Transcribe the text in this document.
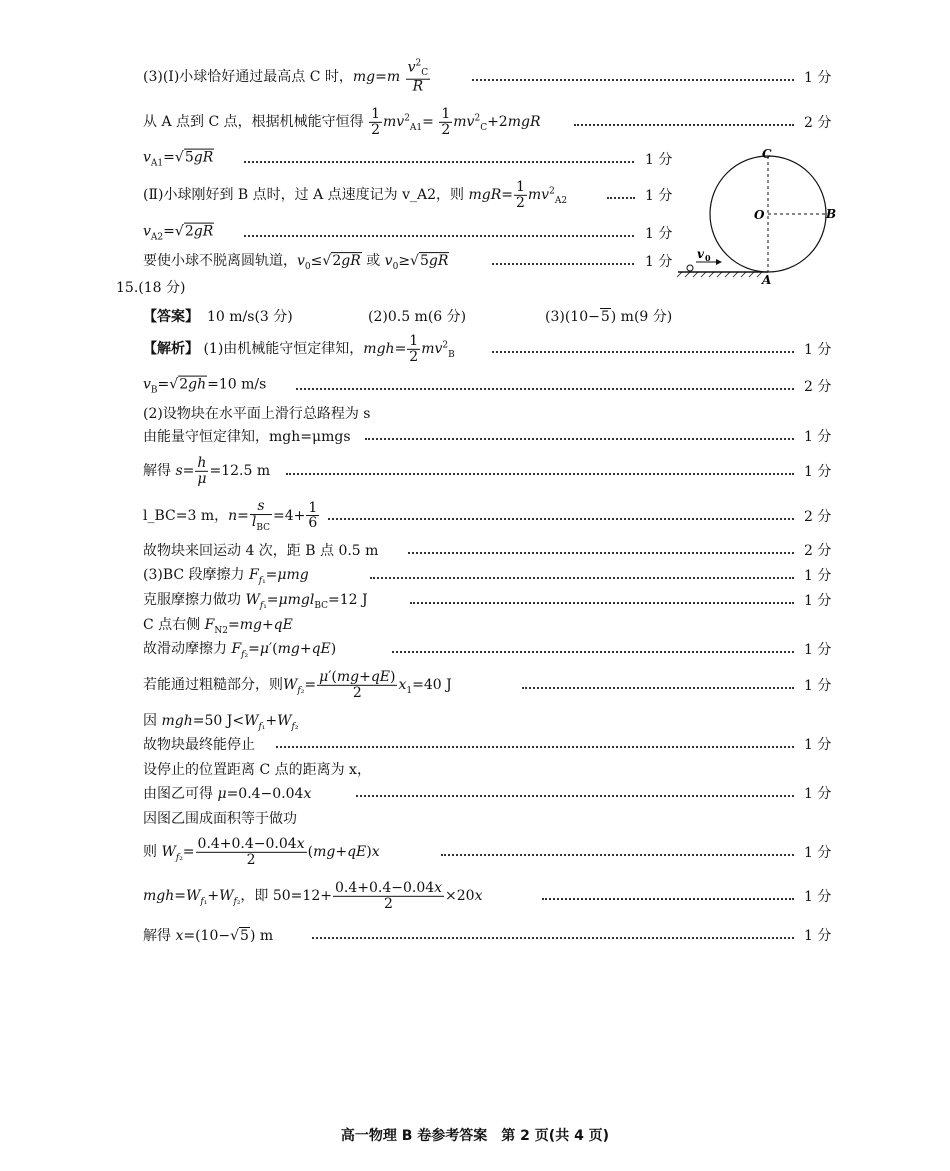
(3)(Ⅰ)小球恰好通过最高点 C 时，$mg=m \frac{v^2_C}{R}$	1 分
从 A 点到 C 点，根据机械能守恒得 $\frac{1}{2} mv^2_{A1}= \frac{1}{2} mv^2_C+2mgR$	2 分
$v_{A1}=√5gR$	1 分
(Ⅱ)小球刚好到 B 点时，过 A 点速度记为 v_A2，则 $mgR= \frac{1}{2} mv^2_{A2}$	1 分
$v_{A2}=√2gR$	1 分
要使小球不脱离圆轨道，$v_0\le√2gR$ 或 $v_0\ge√5gR$	1 分
C
O	B
A
v 0
15.(18 分)
【答案】 10 m/s(3 分)	(2)0.5 m(6 分)	(3)(10−5) m(9 分)
【解析】 (1)由机械能守恒定律知，$mgh= \frac{1}{2} mv^2_B$	1 分
$v_B=√2gh=10$ m/s	2 分
(2)设物块在水平面上滑行总路程为 s
由能量守恒定律知，mgh=μmgs	1 分
解得 $s= \frac{h}{\mu} =12.5$ m	1 分
l_BC=3 m，$n= \frac{s}{l_{BC}} =4+ \frac{1}{6}$	2 分
故物块来回运动 4 次，距 B 点 0.5 m	2 分
(3)BC 段摩擦力 $F_{f_1}=\mu mg$	1 分
克服摩擦力做功 $W_{f_1}=\mu mgl_{BC}=12$ J	1 分
C 点右侧 $F_{N2}=mg+qE$
故滑动摩擦力 $F_{f_2}=\mu'(mg+qE)$	1 分
若能通过粗糙部分，则$W_{f_2}= \frac{\mu'(mg+qE)}{2} x_1=40$ J	1 分
因 mgh=50 $J<W_{f_1}+W_{f_2}$
故物块最终能停止	1 分
设停止的位置距离 C 点的距离为 x，
由图乙可得 μ=0.4−0.04x	1 分
因图乙围成面积等于做功
则 $W_{f_2}= \frac{0.4+0.4-0.04x}{2} (mg+qE)x$	1 分
$mgh=W_{f_1}+W_{f_2}$，即 $50=12+ \frac{0.4+0.4-0.04x}{2} \times 20x$	1 分
解得 x=(10−√5) m	1 分
高一物理 B 卷参考答案　第 2 页(共 4 页)
